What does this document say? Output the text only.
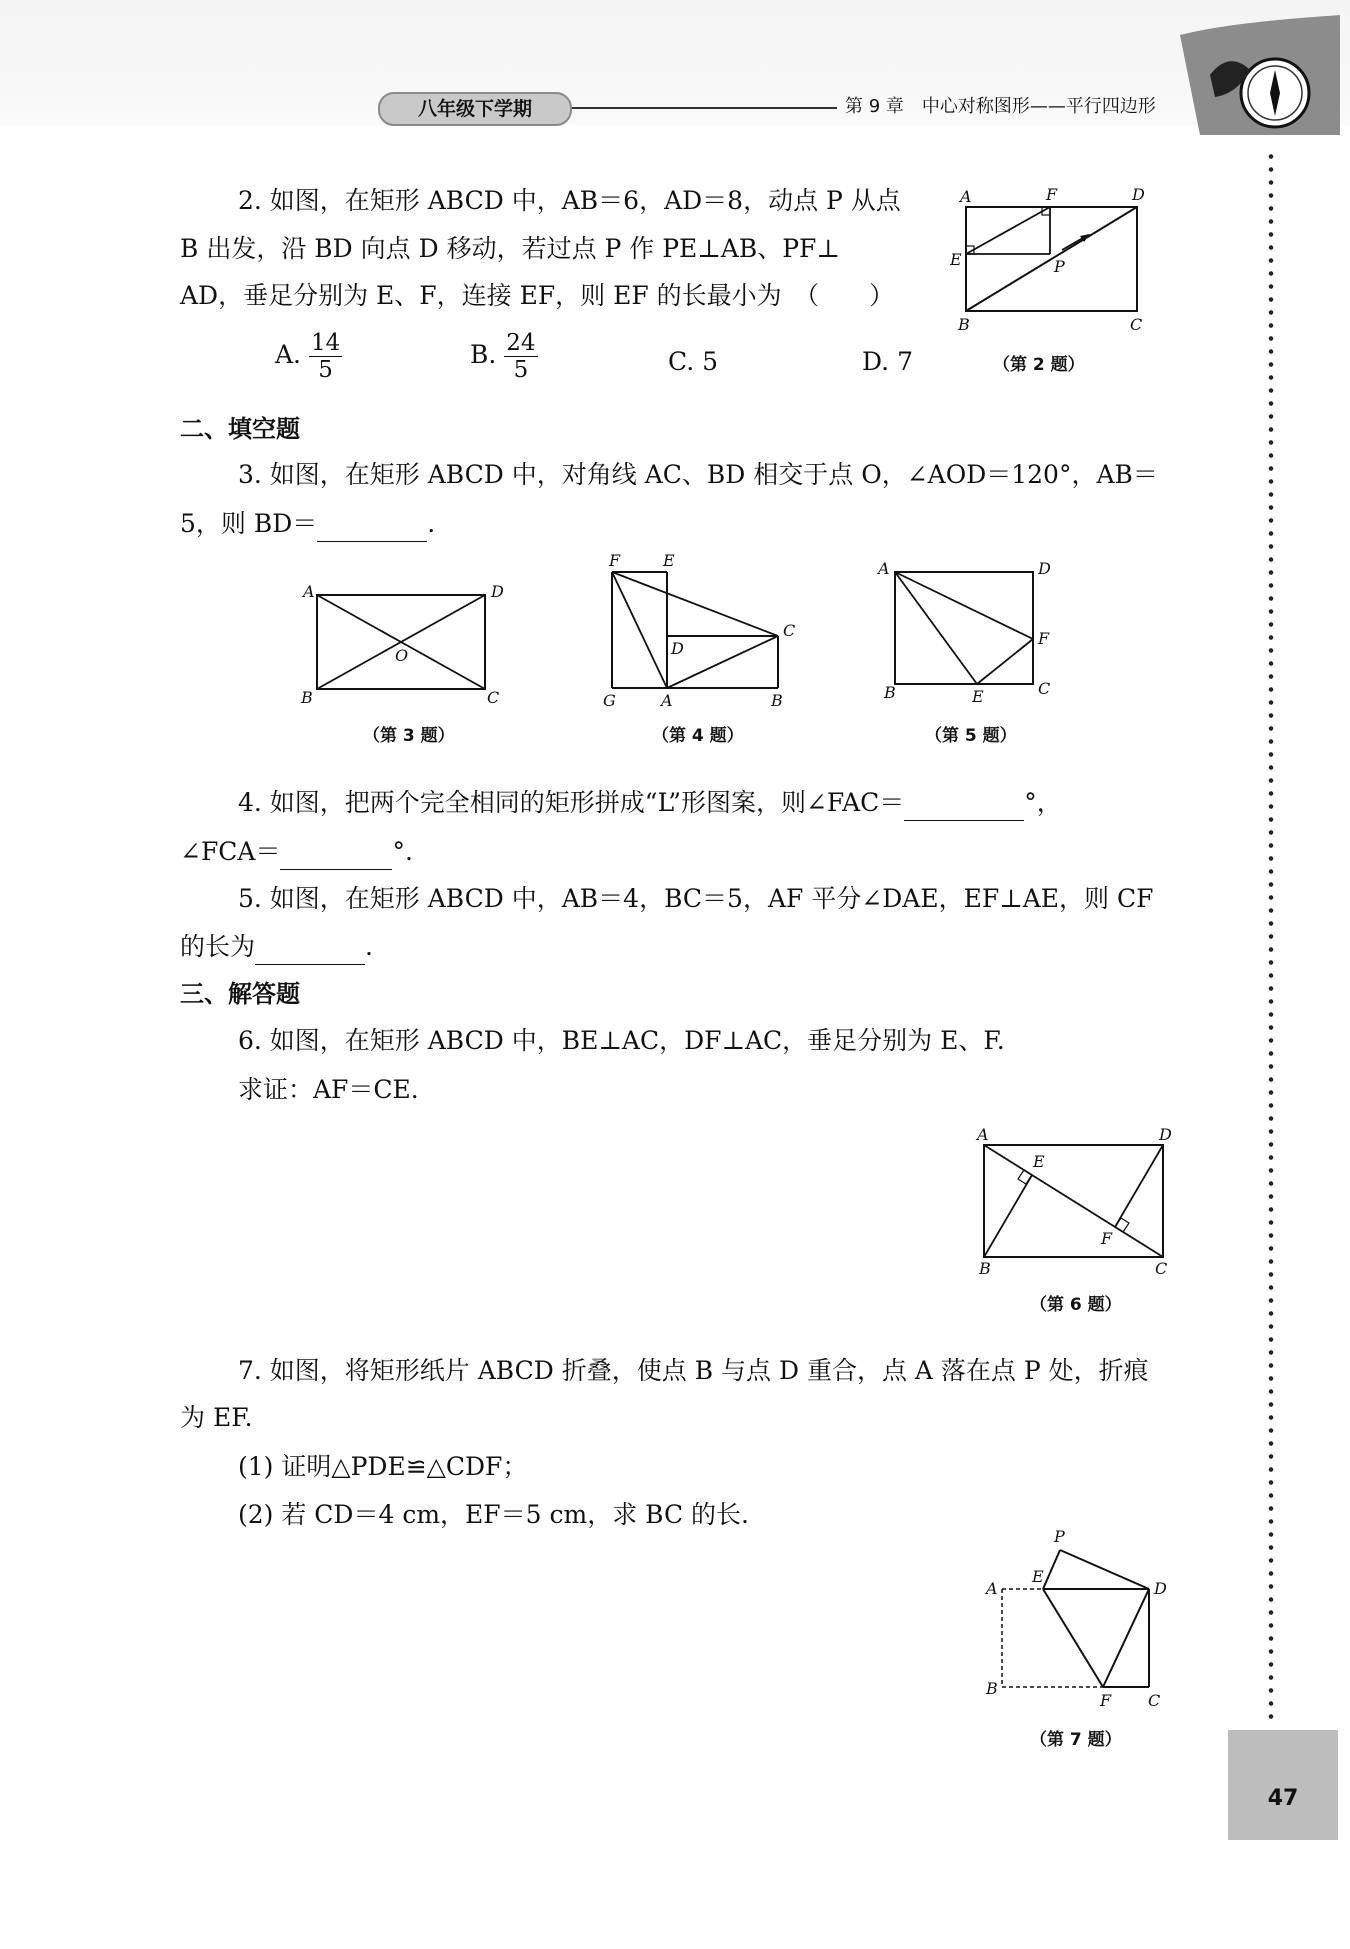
八年级下学期	第 9 章　中心对称图形——平行四边形
47
2. 如图，在矩形 ABCD 中，AB＝6，AD＝8，动点 P 从点
B 出发，沿 BD 向点 D 移动，若过点 P 作 PE⊥AB、PF⊥
AD，垂足分别为 E、F，连接 EF，则 EF 的长最小为　（　　）
A. $\frac{14}{5}$	B. $\frac{24}{5}$	C. 5	D. 7
A	F	D
E	P
B	C
（第 2 题）
二、填空题
3. 如图，在矩形 ABCD 中，对角线 AC、BD 相交于点 O，∠AOD＝120°，AB＝
5，则 BD＝	.
A	D
O
B	C
（第 3 题）
F	E
D
C
G	A	B
（第 4 题）
A	D
F
B	E	C
（第 5 题）
4. 如图，把两个完全相同的矩形拼成“L”形图案，则∠FAC＝	°，
∠FCA＝	°.
5. 如图，在矩形 ABCD 中，AB＝4，BC＝5，AF 平分∠DAE，EF⊥AE，则 CF
的长为	.
三、解答题
6. 如图，在矩形 ABCD 中，BE⊥AC，DF⊥AC，垂足分别为 E、F.
求证：AF＝CE.
A	D
E
F
B	C
（第 6 题）
7. 如图，将矩形纸片 ABCD 折叠，使点 B 与点 D 重合，点 A 落在点 P 处，折痕
为 EF.
(1) 证明△PDE≌△CDF；
(2) 若 CD＝4 cm，EF＝5 cm，求 BC 的长.
P
A
E
D
B
F C
（第 7 题）
